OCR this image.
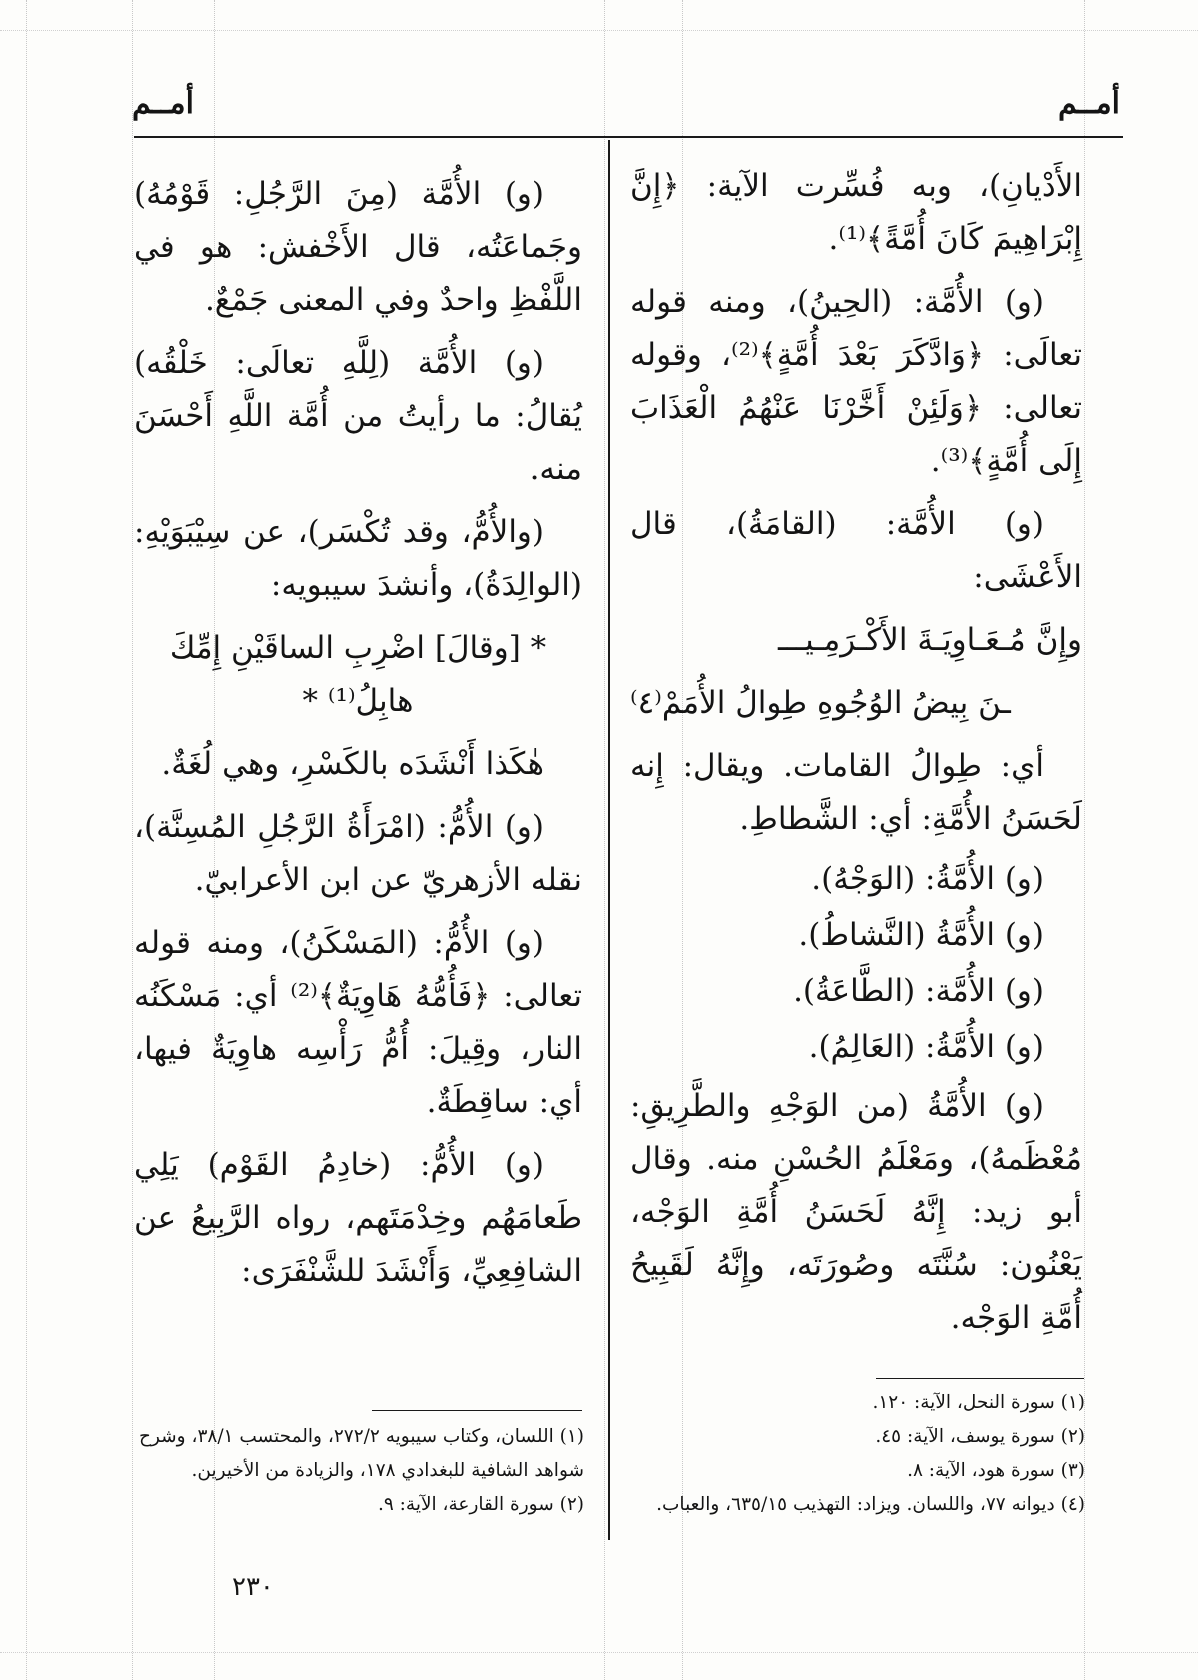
أمــم
أمــم

الأَدْيانِ)، وبه فُسِّرت الآية: ﴿إِنَّ إِبْرَاهِيمَ كَانَ أُمَّةً﴾⁽¹⁾.

(و) الأُمَّة: (الحِينُ)، ومنه قوله تعالَى: ﴿وَادَّكَرَ بَعْدَ أُمَّةٍ﴾⁽²⁾، وقوله تعالى: ﴿وَلَئِنْ أَخَّرْنَا عَنْهُمُ الْعَذَابَ إِلَى أُمَّةٍ﴾⁽³⁾.

(و) الأُمَّة: (القامَةُ)، قال الأَعْشَى:

وإِنَّ مُـعَـاوِيَـةَ الأَكْـرَمِـيـــ

ـنَ بِيضُ الوُجُوهِ طِوالُ الأُمَمْ⁽٤⁾

أي: طِوالُ القامات. ويقال: إِنه لَحَسَنُ الأُمَّةِ: أي: الشَّطاطِ.

(و) الأُمَّةُ: (الوَجْهُ).

(و) الأُمَّةُ (النَّشاطُ).

(و) الأُمَّة: (الطَّاعَةُ).

(و) الأُمَّةُ: (العَالِمُ).

(و) الأُمَّةُ (من الوَجْهِ والطَّرِيقِ: مُعْظَمهُ)، ومَعْلَمُ الحُسْنِ منه. وقال أبو زيد: إِنَّهُ لَحَسَنُ أُمَّةِ الوَجْه، يَعْنُون: سُنَّتَه وصُورَتَه، وإِنَّهُ لَقَبِيحُ أُمَّةِ الوَجْه.

(١) سورة النحل، الآية: ١٢٠.

(٢) سورة يوسف، الآية: ٤٥.

(٣) سورة هود، الآية: ٨.

(٤) ديوانه ٧٧، واللسان. ويزاد: التهذيب ٦٣٥/١٥، والعباب.

(و) الأُمَّة (مِنَ الرَّجُلِ: قَوْمُهُ) وجَماعَتُه، قال الأَخْفش: هو في اللَّفْظِ واحدٌ وفي المعنى جَمْعٌ.

(و) الأُمَّة (لِلَّهِ تعالَى: خَلْقُه) يُقالُ: ما رأيتُ من أُمَّة اللَّهِ أَحْسَنَ منه.

(والأُمُّ، وقد تُكْسَر)، عن سِيْبَوَيْهِ: (الوالِدَةُ)، وأنشدَ سيبويه:

* [وقالَ] اضْرِبِ الساقَيْنِ إِمِّكَ هابِلُ⁽¹⁾ *

هٰكَذا أَنْشَدَه بالكَسْرِ، وهي لُغَةٌ.

(و) الأُمُّ: (امْرَأَةُ الرَّجُلِ المُسِنَّة)، نقله الأزهريّ عن ابن الأعرابيّ.

(و) الأُمُّ: (المَسْكَنُ)، ومنه قوله تعالى: ﴿فَأُمُّهُ هَاوِيَةٌ﴾⁽²⁾ أي: مَسْكَنُه النار، وقِيلَ: أُمُّ رَأْسِه هاوِيَةٌ فيها، أي: ساقِطَةٌ.

(و) الأُمُّ: (خادِمُ القَوْم) يَلِي طَعامَهُم وخِدْمَتَهم، رواه الرَّبِيعُ عن الشافِعِيِّ، وَأَنْشَدَ للشَّنْفَرَى:

(١) اللسان، وكتاب سيبويه ٢٧٢/٢، والمحتسب ٣٨/١، وشرح شواهد الشافية للبغدادي ١٧٨، والزيادة من الأخيرين.

(٢) سورة القارعة، الآية: ٩.

٢٣٠
